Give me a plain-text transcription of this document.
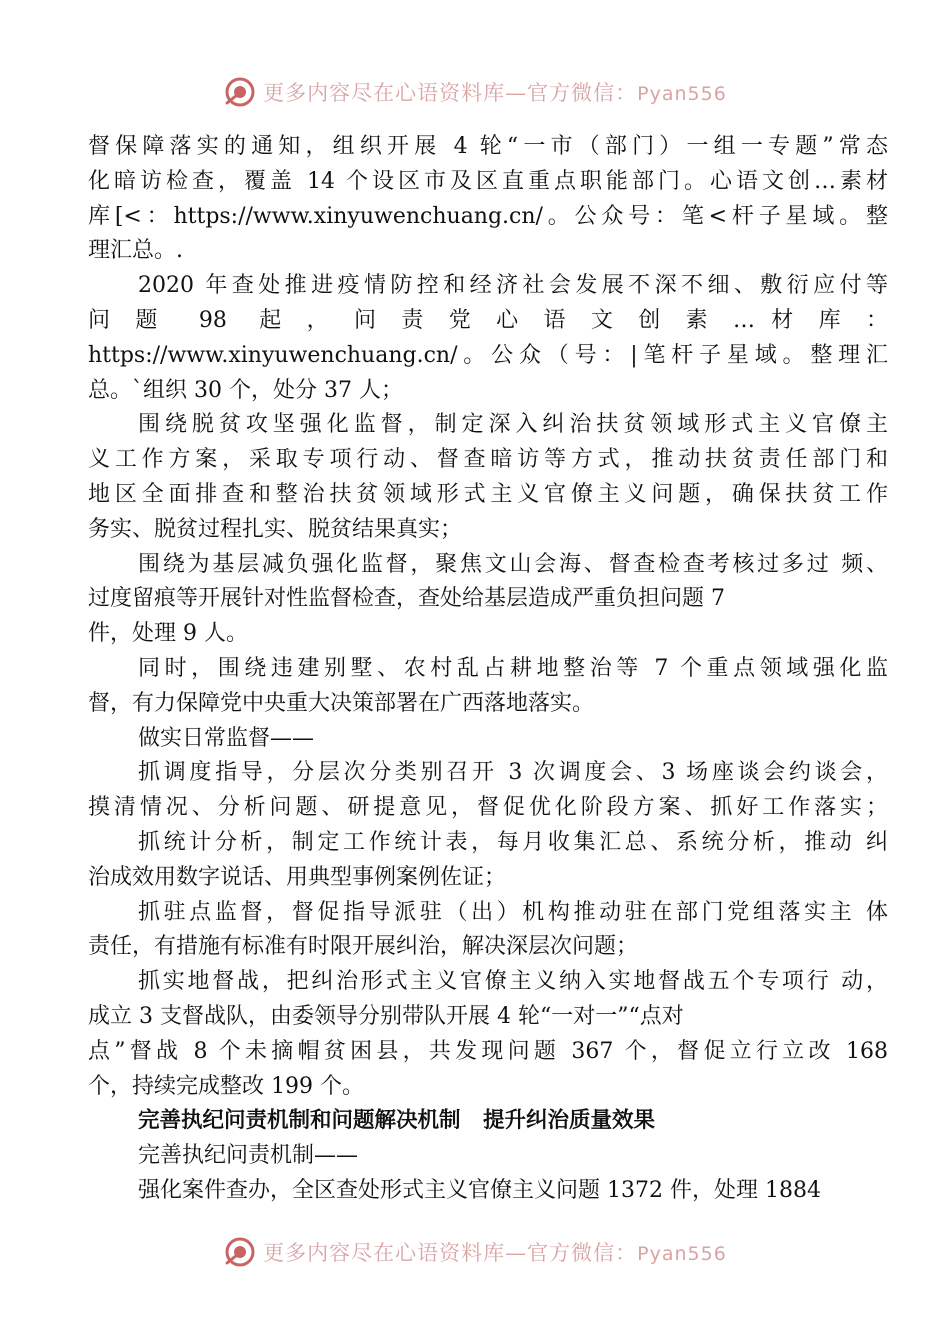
更多内容尽在心语资料库—官方微信：Pyan556

督保障落实的通知，组织开展 4 轮“一市（部门）一组一专题”常态

化暗访检查，覆盖 14 个设区市及区直重点职能部门。心语文创…素材

库[<：https://www.xinyuwenchuang.cn/。公众号：笔<杆子星域。整

理汇总。.

2020 年查处推进疫情防控和经济社会发展不深不细、敷衍应付等

问 题  98  起 ， 问 责 党 心 语 文 创 素 … 材 库 ：

https://www.xinyuwenchuang.cn/。公众（号：|笔杆子星域。整理汇

总。`组织 30 个，处分 37 人；

围绕脱贫攻坚强化监督，制定深入纠治扶贫领域形式主义官僚主

义工作方案，采取专项行动、督查暗访等方式，推动扶贫责任部门和

地区全面排查和整治扶贫领域形式主义官僚主义问题，确保扶贫工作

务实、脱贫过程扎实、脱贫结果真实；

围绕为基层减负强化监督，聚焦文山会海、督查检查考核过多过 频、

过度留痕等开展针对性监督检查，查处给基层造成严重负担问题 7

件，处理 9 人。

同时，围绕违建别墅、农村乱占耕地整治等 7 个重点领域强化监

督，有力保障党中央重大决策部署在广西落地落实。

做实日常监督——

抓调度指导，分层次分类别召开 3 次调度会、3 场座谈会约谈会，

摸清情况、分析问题、研提意见，督促优化阶段方案、抓好工作落实；

抓统计分析，制定工作统计表，每月收集汇总、系统分析，推动 纠

治成效用数字说话、用典型事例案例佐证；

抓驻点监督，督促指导派驻（出）机构推动驻在部门党组落实主 体

责任，有措施有标准有时限开展纠治，解决深层次问题；

抓实地督战，把纠治形式主义官僚主义纳入实地督战五个专项行 动，

成立 3 支督战队，由委领导分别带队开展 4 轮“一对一”“点对

点”督战 8 个未摘帽贫困县，共发现问题 367 个，督促立行立改 168

个，持续完成整改 199 个。

完善执纪问责机制和问题解决机制   提升纠治质量效果

完善执纪问责机制——

强化案件查办，全区查处形式主义官僚主义问题 1372 件，处理 1884

更多内容尽在心语资料库—官方微信：Pyan556
